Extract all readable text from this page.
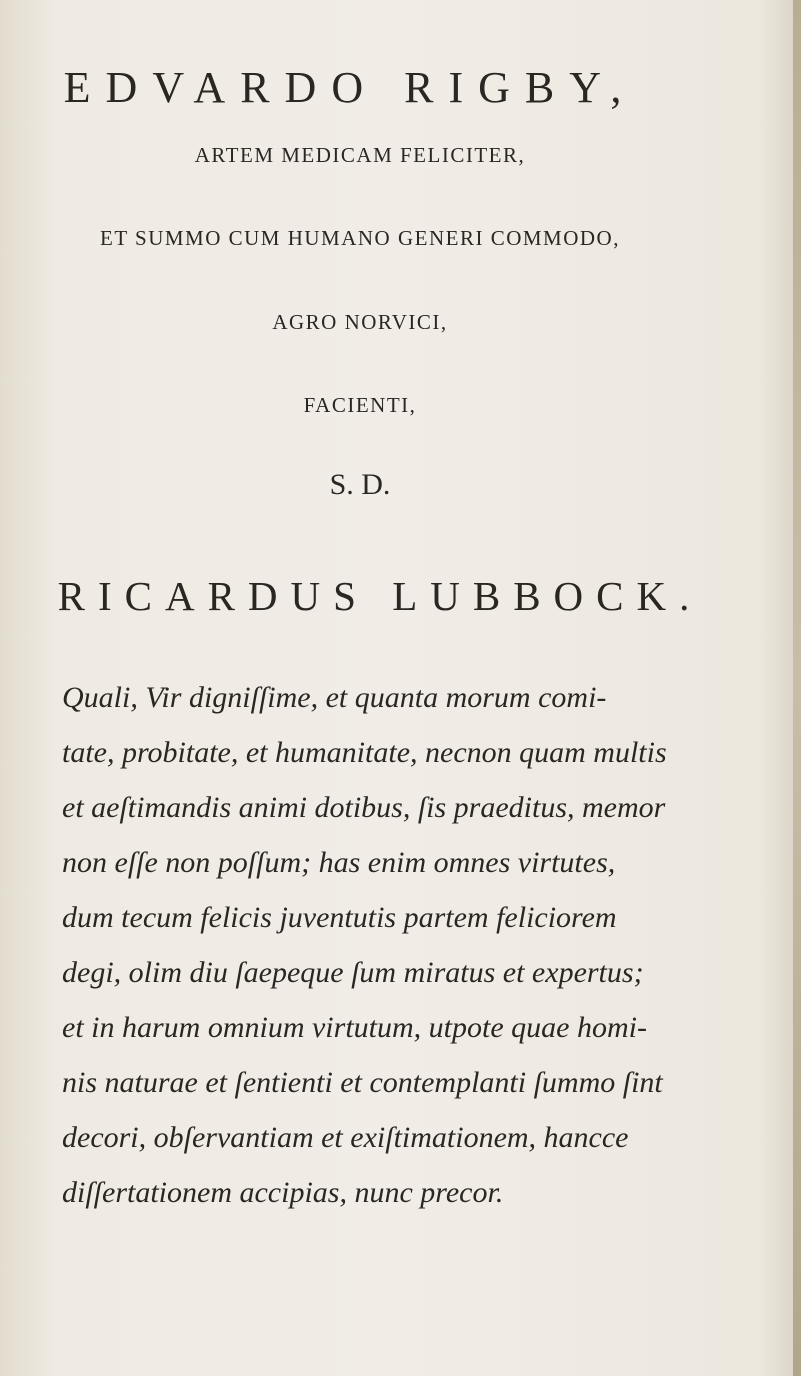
EDVARDO RIGBY,
ARTEM MEDICAM FELICITER,
ET SUMMO CUM HUMANO GENERI COMMODO,
AGRO NORVICI,
FACIENTI,
S. D.
RICARDUS LUBBOCK.
Quali, Vir digniſſime, et quanta morum comi-
tate, probitate, et humanitate, necnon quam multis
et aeſtimandis animi dotibus, ſis praeditus, memor
non eſſe non poſſum; has enim omnes virtutes,
dum tecum felicis juventutis partem feliciorem
degi, olim diu ſaepeque ſum miratus et expertus;
et in harum omnium virtutum, utpote quae homi-
nis naturae et ſentienti et contemplanti ſummo ſint
decori, obſervantiam et exiſtimationem, hancce
diſſertationem accipias, nunc precor.
